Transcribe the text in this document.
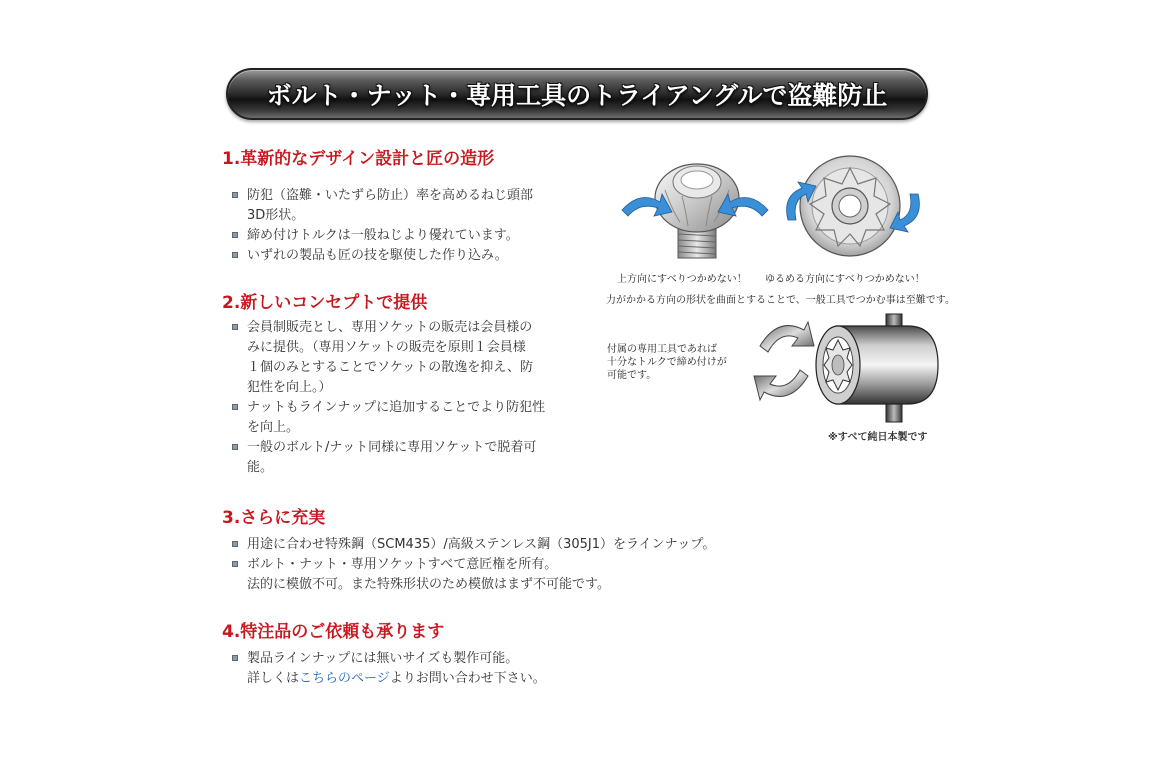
ボルト・ナット・専用工具のトライアングルで盗難防止
1.革新的なデザイン設計と匠の造形
防犯（盗難・いたずら防止）率を高めるねじ頭部
3D形状。
締め付けトルクは一般ねじより優れています。
いずれの製品も匠の技を駆使した作り込み。
2.新しいコンセプトで提供
会員制販売とし、専用ソケットの販売は会員様の
みに提供。（専用ソケットの販売を原則１会員様
１個のみとすることでソケットの散逸を抑え、防
犯性を向上。）
ナットもラインナップに追加することでより防犯性
を向上。
一般のボルト/ナット同様に専用ソケットで脱着可
能。
3.さらに充実
用途に合わせ特殊鋼（SCM435）/高級ステンレス鋼（305J1）をラインナップ。
ボルト・ナット・専用ソケットすべて意匠権を所有。
法的に模倣不可。また特殊形状のため模倣はまず不可能です。
4.特注品のご依頼も承ります
製品ラインナップには無いサイズも製作可能。
詳しくはこちらのページよりお問い合わせ下さい。
上方向にすべりつかめない！ ゆるめる方向にすべりつかめない！
力がかかる方向の形状を曲面とすることで、一般工具でつかむ事は至難です。
付属の専用工具であれば
十分なトルクで締め付けが
可能です。
※すべて純日本製です
